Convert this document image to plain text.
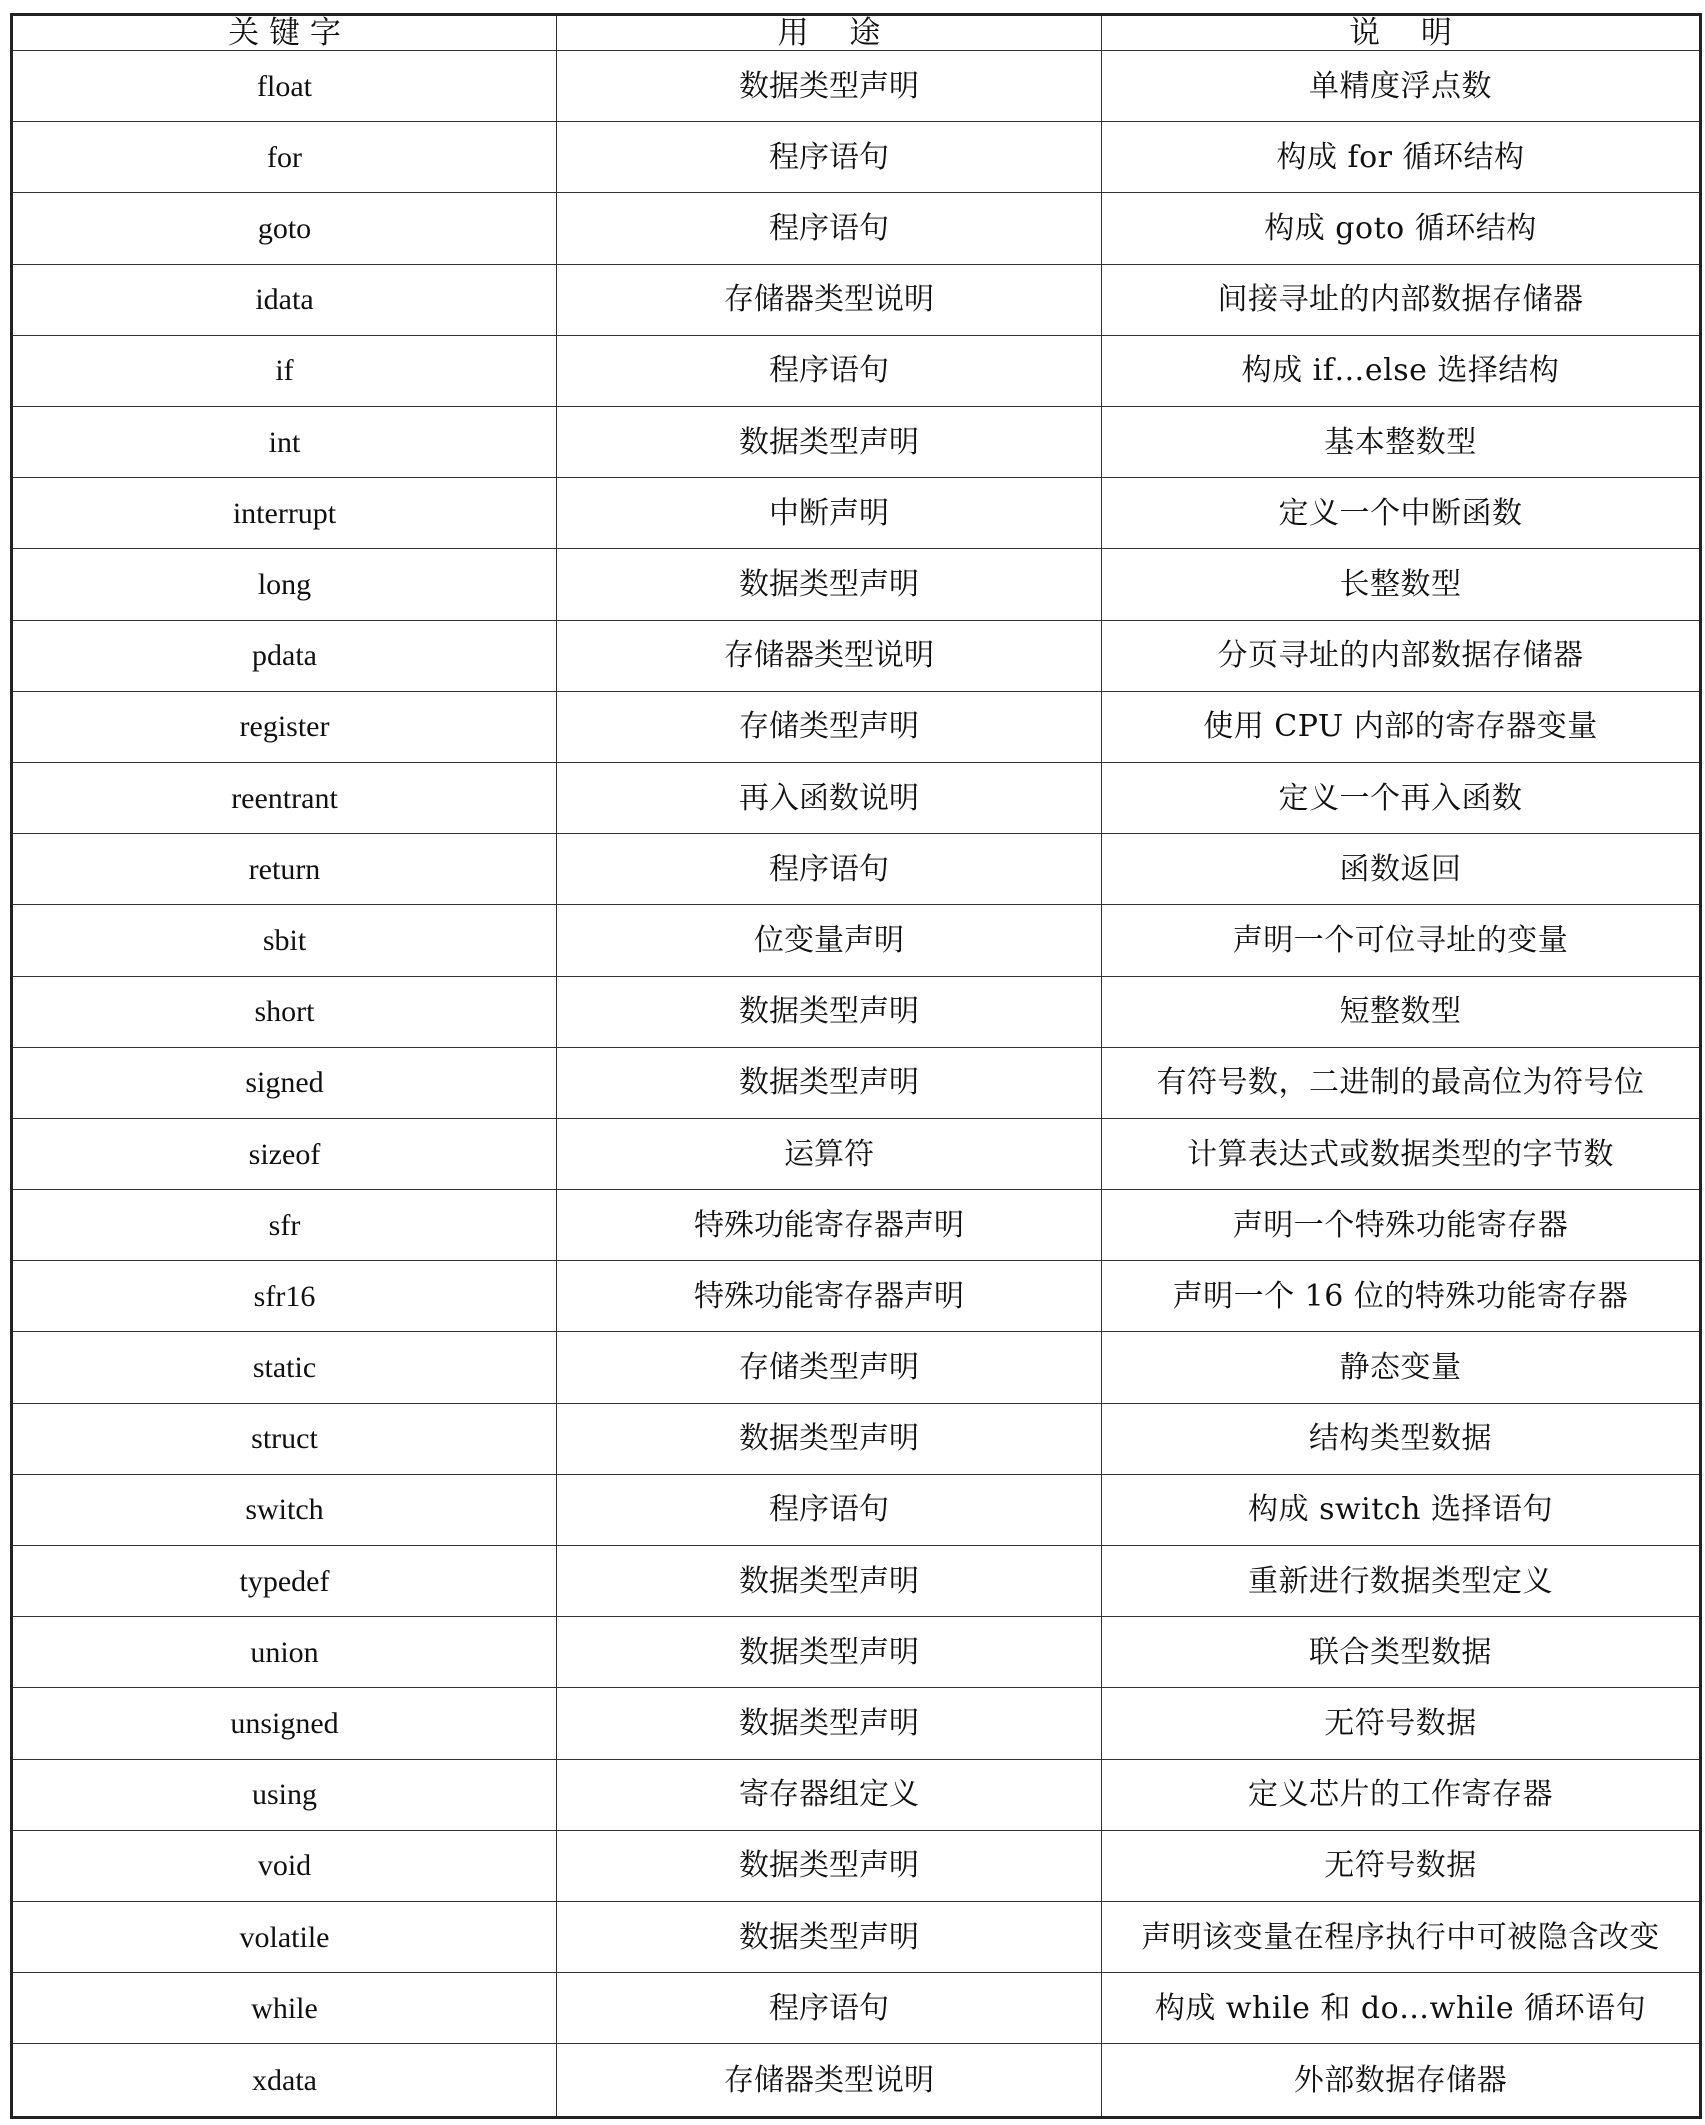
关 键 字	用　 途	说　 明
float	数据类型声明	单精度浮点数
for	程序语句	构成 for 循环结构
goto	程序语句	构成 goto 循环结构
idata	存储器类型说明	间接寻址的内部数据存储器
if	程序语句	构成 if…else 选择结构
int	数据类型声明	基本整数型
interrupt	中断声明	定义一个中断函数
long	数据类型声明	长整数型
pdata	存储器类型说明	分页寻址的内部数据存储器
register	存储类型声明	使用 CPU 内部的寄存器变量
reentrant	再入函数说明	定义一个再入函数
return	程序语句	函数返回
sbit	位变量声明	声明一个可位寻址的变量
short	数据类型声明	短整数型
signed	数据类型声明	有符号数，二进制的最高位为符号位
sizeof	运算符	计算表达式或数据类型的字节数
sfr	特殊功能寄存器声明	声明一个特殊功能寄存器
sfr16	特殊功能寄存器声明	声明一个 16 位的特殊功能寄存器
static	存储类型声明	静态变量
struct	数据类型声明	结构类型数据
switch	程序语句	构成 switch 选择语句
typedef	数据类型声明	重新进行数据类型定义
union	数据类型声明	联合类型数据
unsigned	数据类型声明	无符号数据
using	寄存器组定义	定义芯片的工作寄存器
void	数据类型声明	无符号数据
volatile	数据类型声明	声明该变量在程序执行中可被隐含改变
while	程序语句	构成 while 和 do…while 循环语句
xdata	存储器类型说明	外部数据存储器
